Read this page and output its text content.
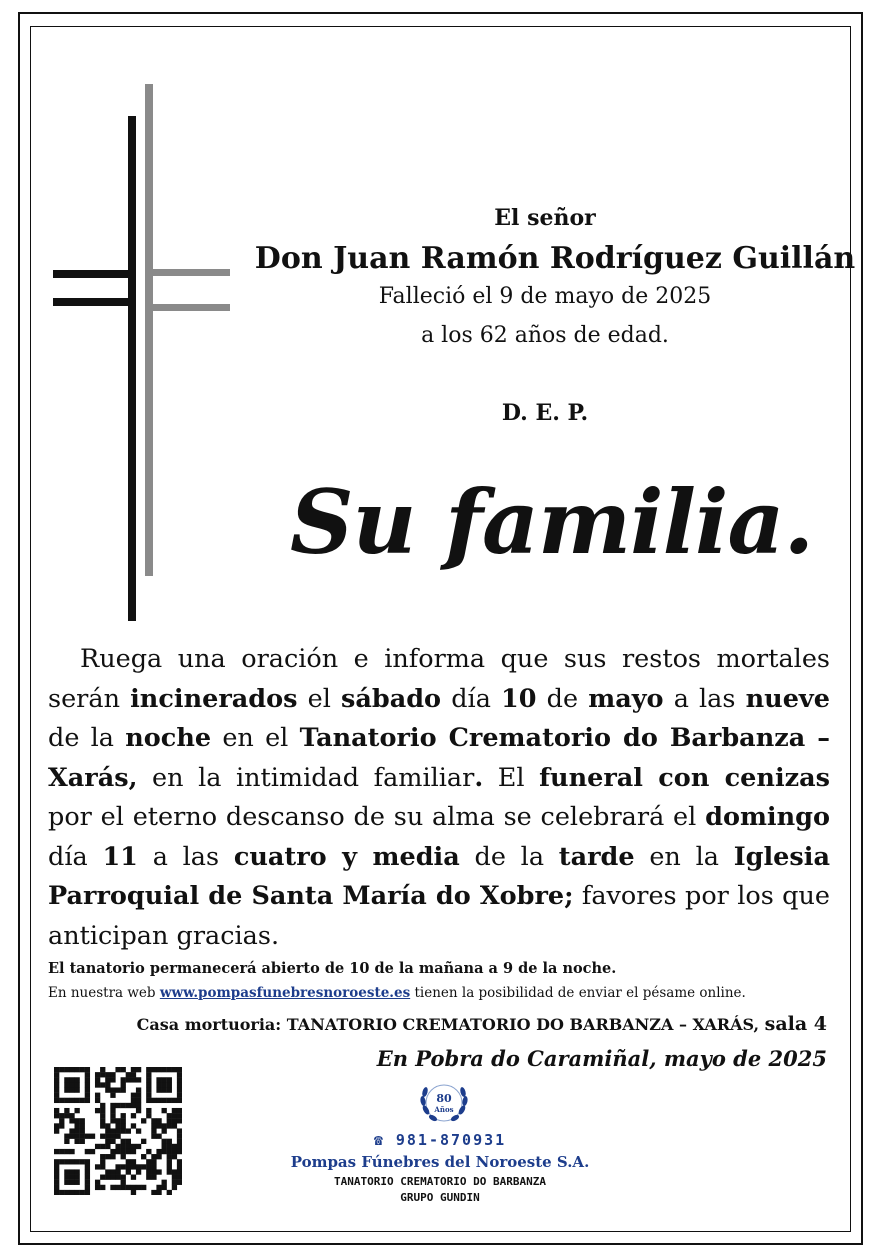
El señor
Don Juan Ramón Rodríguez Guillán
Falleció el 9 de mayo de 2025
a los 62 años de edad.
D. E. P.
Su familia.
Ruega una oración e informa que sus restos mortales serán incinerados el sábado día 10 de mayo a las nueve de la noche en el Tanatorio Crematorio do Barbanza – Xarás, en la intimidad familiar. El funeral con cenizas por el eterno descanso de su alma se celebrará el domingo día 11 a las cuatro y media de la tarde en la Iglesia Parroquial de Santa María do Xobre; favores por los que anticipan gracias.
El tanatorio permanecerá abierto de 10 de la mañana a 9 de la noche.
En nuestra web www.pompasfunebresnoroeste.es tienen la posibilidad de enviar el pésame online.
Casa mortuoria: TANATORIO CREMATORIO DO BARBANZA – XARÁS, sala 4
En Pobra do Caramiñal, mayo de 2025
80
Años
☎ 981-870931
Pompas Fúnebres del Noroeste S.A.
TANATORIO CREMATORIO DO BARBANZA
GRUPO GUNDIN
